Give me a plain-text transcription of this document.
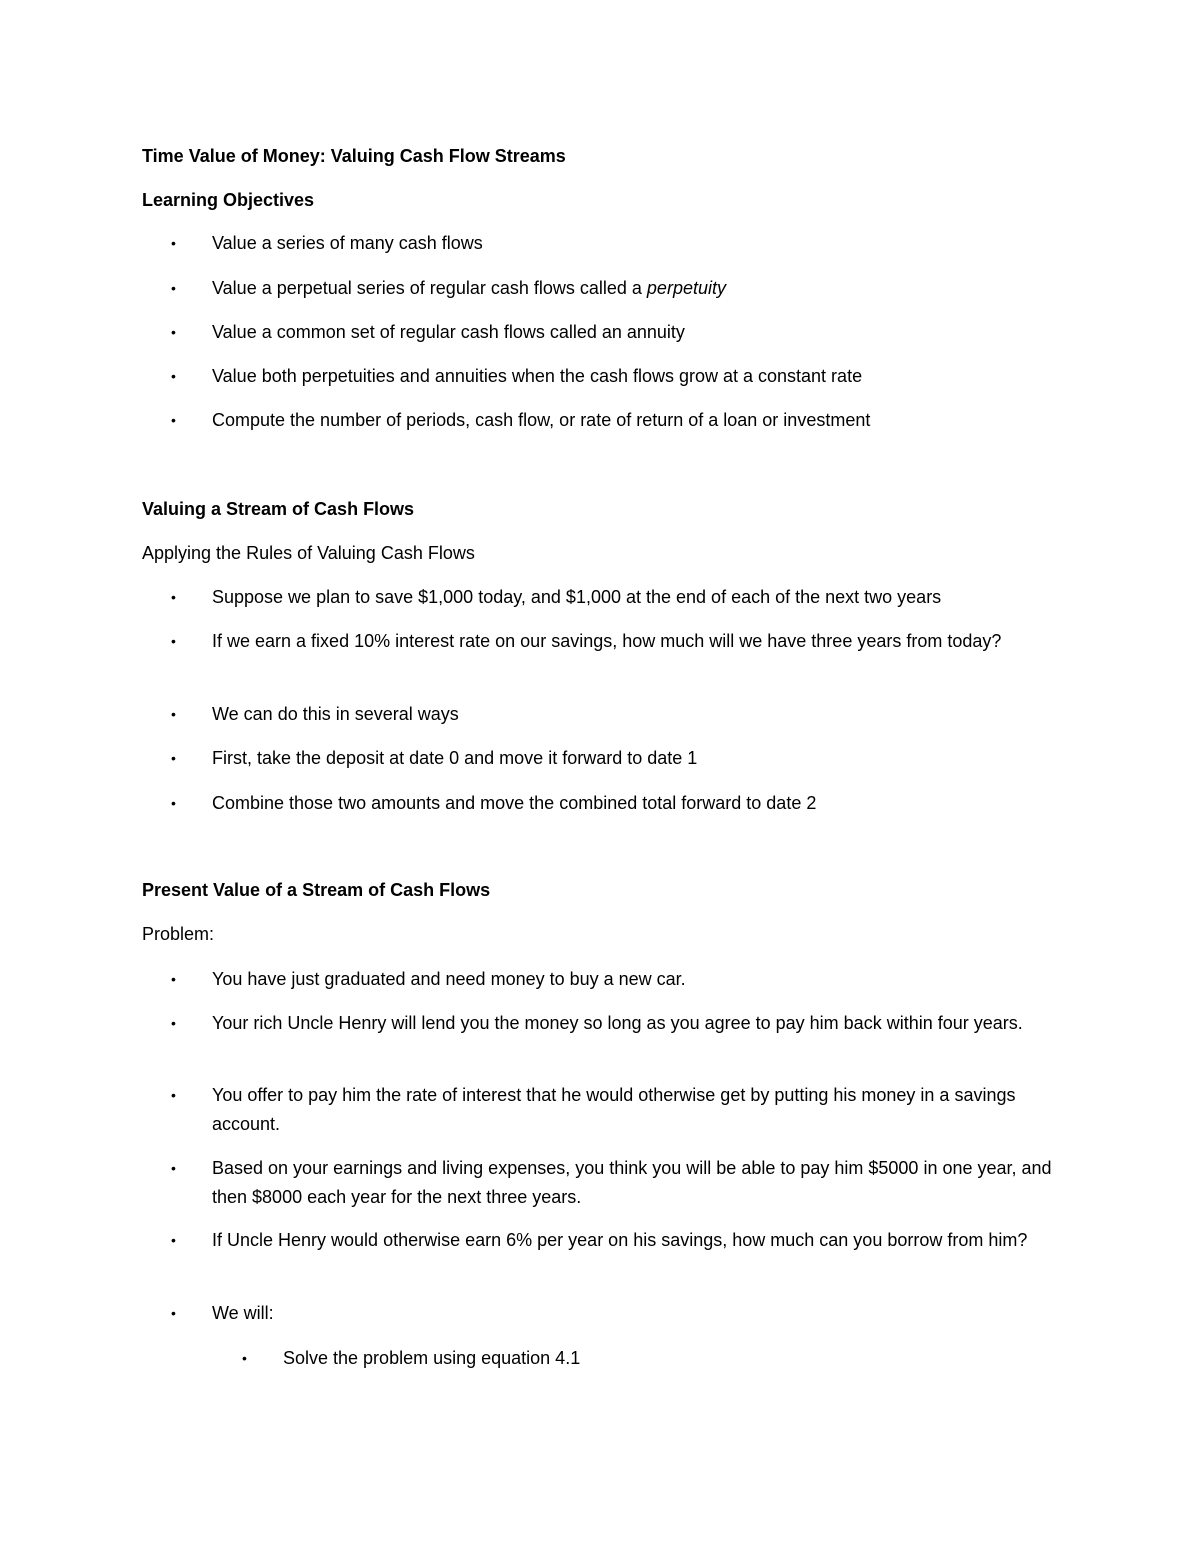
Time Value of Money: Valuing Cash Flow Streams
Learning Objectives
• Value a series of many cash flows
• Value a perpetual series of regular cash flows called a perpetuity
• Value a common set of regular cash flows called an annuity
• Value both perpetuities and annuities when the cash flows grow at a constant rate
• Compute the number of periods, cash flow, or rate of return of a loan or investment
Valuing a Stream of Cash Flows
Applying the Rules of Valuing Cash Flows
• Suppose we plan to save $1,000 today, and $1,000 at the end of each of the next two years
• If we earn a fixed 10% interest rate on our savings, how much will we have three years from today?
• We can do this in several ways
• First, take the deposit at date 0 and move it forward to date 1
• Combine those two amounts and move the combined total forward to date 2
Present Value of a Stream of Cash Flows
Problem:
• You have just graduated and need money to buy a new car.
• Your rich Uncle Henry will lend you the money so long as you agree to pay him back within four years.
• You offer to pay him the rate of interest that he would otherwise get by putting his money in a savings account.
• Based on your earnings and living expenses, you think you will be able to pay him $5000 in one year, and then $8000 each year for the next three years.
• If Uncle Henry would otherwise earn 6% per year on his savings, how much can you borrow from him?
• We will:
• Solve the problem using equation 4.1
